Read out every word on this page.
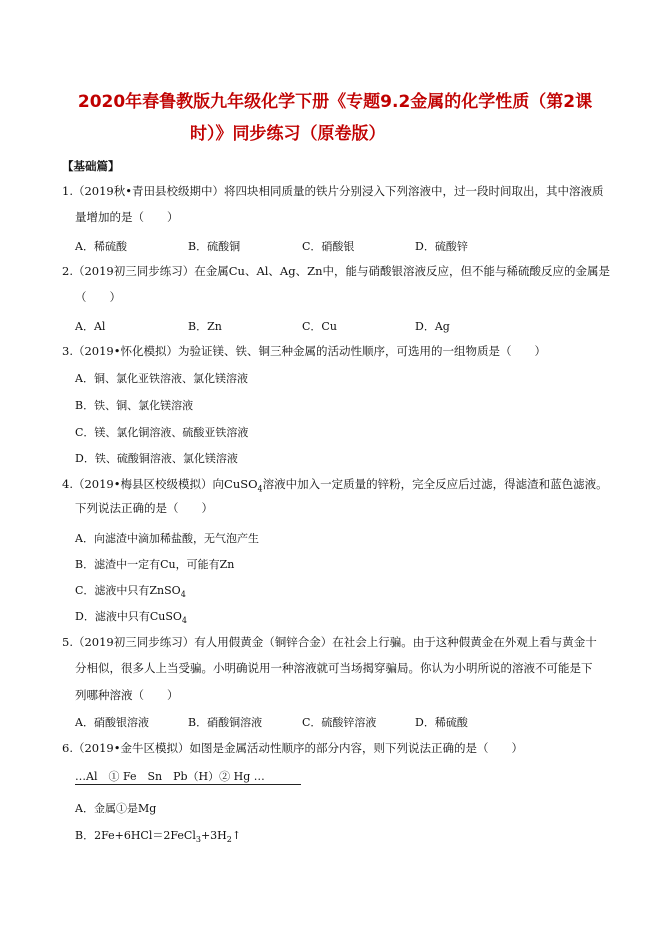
2020年春鲁教版九年级化学下册《专题9.2金属的化学性质（第2课
时）》同步练习（原卷版）
【基础篇】
1.（2019秋•青田县校级期中）将四块相同质量的铁片分别浸入下列溶液中，过一段时间取出，其中溶液质
量增加的是（　　）
A．稀硫酸	B．硫酸铜	C．硝酸银	D．硫酸锌
2.（2019初三同步练习）在金属Cu、Al、Ag、Zn中，能与硝酸银溶液反应，但不能与稀硫酸反应的金属是
（　　）
A．Al	B．Zn	C．Cu	D．Ag
3.（2019•怀化模拟）为验证镁、铁、铜三种金属的活动性顺序，可选用的一组物质是（　　）
A．铜、氯化亚铁溶液、氯化镁溶液
B．铁、铜、氯化镁溶液
C．镁、氯化铜溶液、硫酸亚铁溶液
D．铁、硫酸铜溶液、氯化镁溶液
4.（2019•梅县区校级模拟）向CuSO$_4$溶液中加入一定质量的锌粉，完全反应后过滤，得滤渣和蓝色滤液。
下列说法正确的是（　　）
A．向滤渣中滴加稀盐酸，无气泡产生
B．滤渣中一定有Cu，可能有Zn
C．滤液中只有ZnSO$_4$
D．滤液中只有CuSO$_4$
5.（2019初三同步练习）有人用假黄金（铜锌合金）在社会上行骗。由于这种假黄金在外观上看与黄金十
分相似，很多人上当受骗。小明确说用一种溶液就可当场揭穿骗局。你认为小明所说的溶液不可能是下
列哪种溶液（　　）
A．硝酸银溶液	B．硝酸铜溶液	C．硫酸锌溶液	D．稀硫酸
6.（2019•金牛区模拟）如图是金属活动性顺序的部分内容，则下列说法正确的是（　　）
…Al　① Fe　Sn　Pb（H）② Hg …
A．金属①是Mg
B．$2Fe+6HCl=2FeCl_3+3H_2↑$
